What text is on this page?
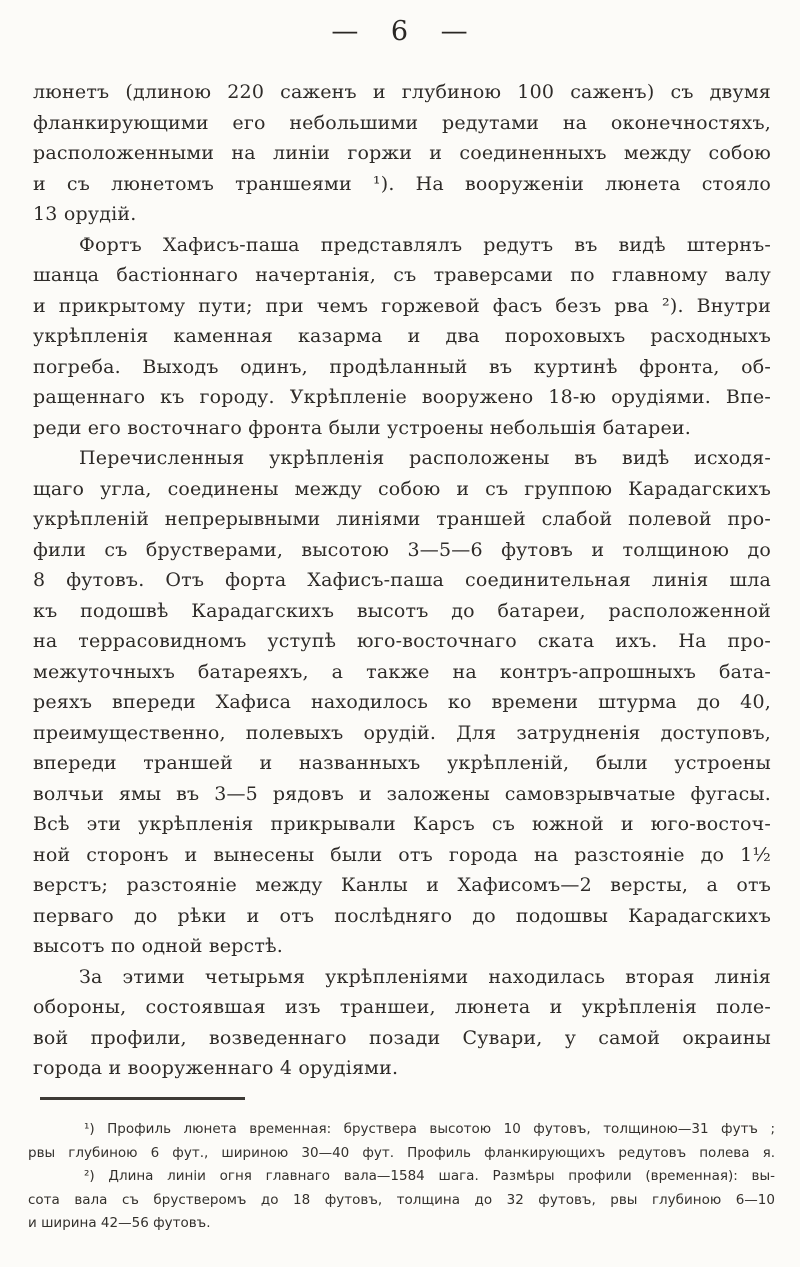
— 6 —
люнетъ (длиною 220 саженъ и глубиною 100 саженъ) съ двумя
фланкирующими его небольшими редутами на оконечностяхъ,
расположенными на линіи горжи и соединенныхъ между собою
и съ люнетомъ траншеями ¹). На вооруженіи люнета стояло
13 орудій.
Фортъ Хафисъ-паша представлялъ редутъ въ видѣ штернъ-
шанца бастіоннаго начертанія, съ траверсами по главному валу
и прикрытому пути; при чемъ горжевой фасъ безъ рва ²). Внутри
укрѣпленія каменная казарма и два пороховыхъ расходныхъ
погреба. Выходъ одинъ, продѣланный въ куртинѣ фронта, об-
ращеннаго къ городу. Укрѣпленіе вооружено 18-ю орудіями. Впе-
реди его восточнаго фронта были устроены небольшія батареи.
Перечисленныя укрѣпленія расположены въ видѣ исходя-
щаго угла, соединены между собою и съ группою Карадагскихъ
укрѣпленій непрерывными линіями траншей слабой полевой про-
фили съ брустверами, высотою 3—5—6 футовъ и толщиною до
8 футовъ. Отъ форта Хафисъ-паша соединительная линія шла
къ подошвѣ Карадагскихъ высотъ до батареи, расположенной
на террасовидномъ уступѣ юго-восточнаго ската ихъ. На про-
межуточныхъ батареяхъ, а также на контръ-апрошныхъ бата-
реяхъ впереди Хафиса находилось ко времени штурма до 40,
преимущественно, полевыхъ орудій. Для затрудненія доступовъ,
впереди траншей и названныхъ укрѣпленій, были устроены
волчьи ямы въ 3—5 рядовъ и заложены самовзрывчатые фугасы.
Всѣ эти укрѣпленія прикрывали Карсъ съ южной и юго-восточ-
ной сторонъ и вынесены были отъ города на разстояніе до 1½
верстъ; разстояніе между Канлы и Хафисомъ—2 версты, а отъ
перваго до рѣки и отъ послѣдняго до подошвы Карадагскихъ
высотъ по одной верстѣ.
За этими четырьмя укрѣпленіями находилась вторая линія
обороны, состоявшая изъ траншеи, люнета и укрѣпленія поле-
вой профили, возведеннаго позади Сувари, у самой окраины
города и вооруженнаго 4 орудіями.
¹) Профиль люнета временная: бруствера высотою 10 футовъ, толщиною—31 футъ ;
рвы глубиною 6 фут., шириною 30—40 фут. Профиль фланкирующихъ редутовъ полева я.
²) Длина линіи огня главнаго вала—1584 шага. Размѣры профили (временная): вы-
сота вала съ брустверомъ до 18 футовъ, толщина до 32 футовъ, рвы глубиною 6—10
и ширина 42—56 футовъ.
